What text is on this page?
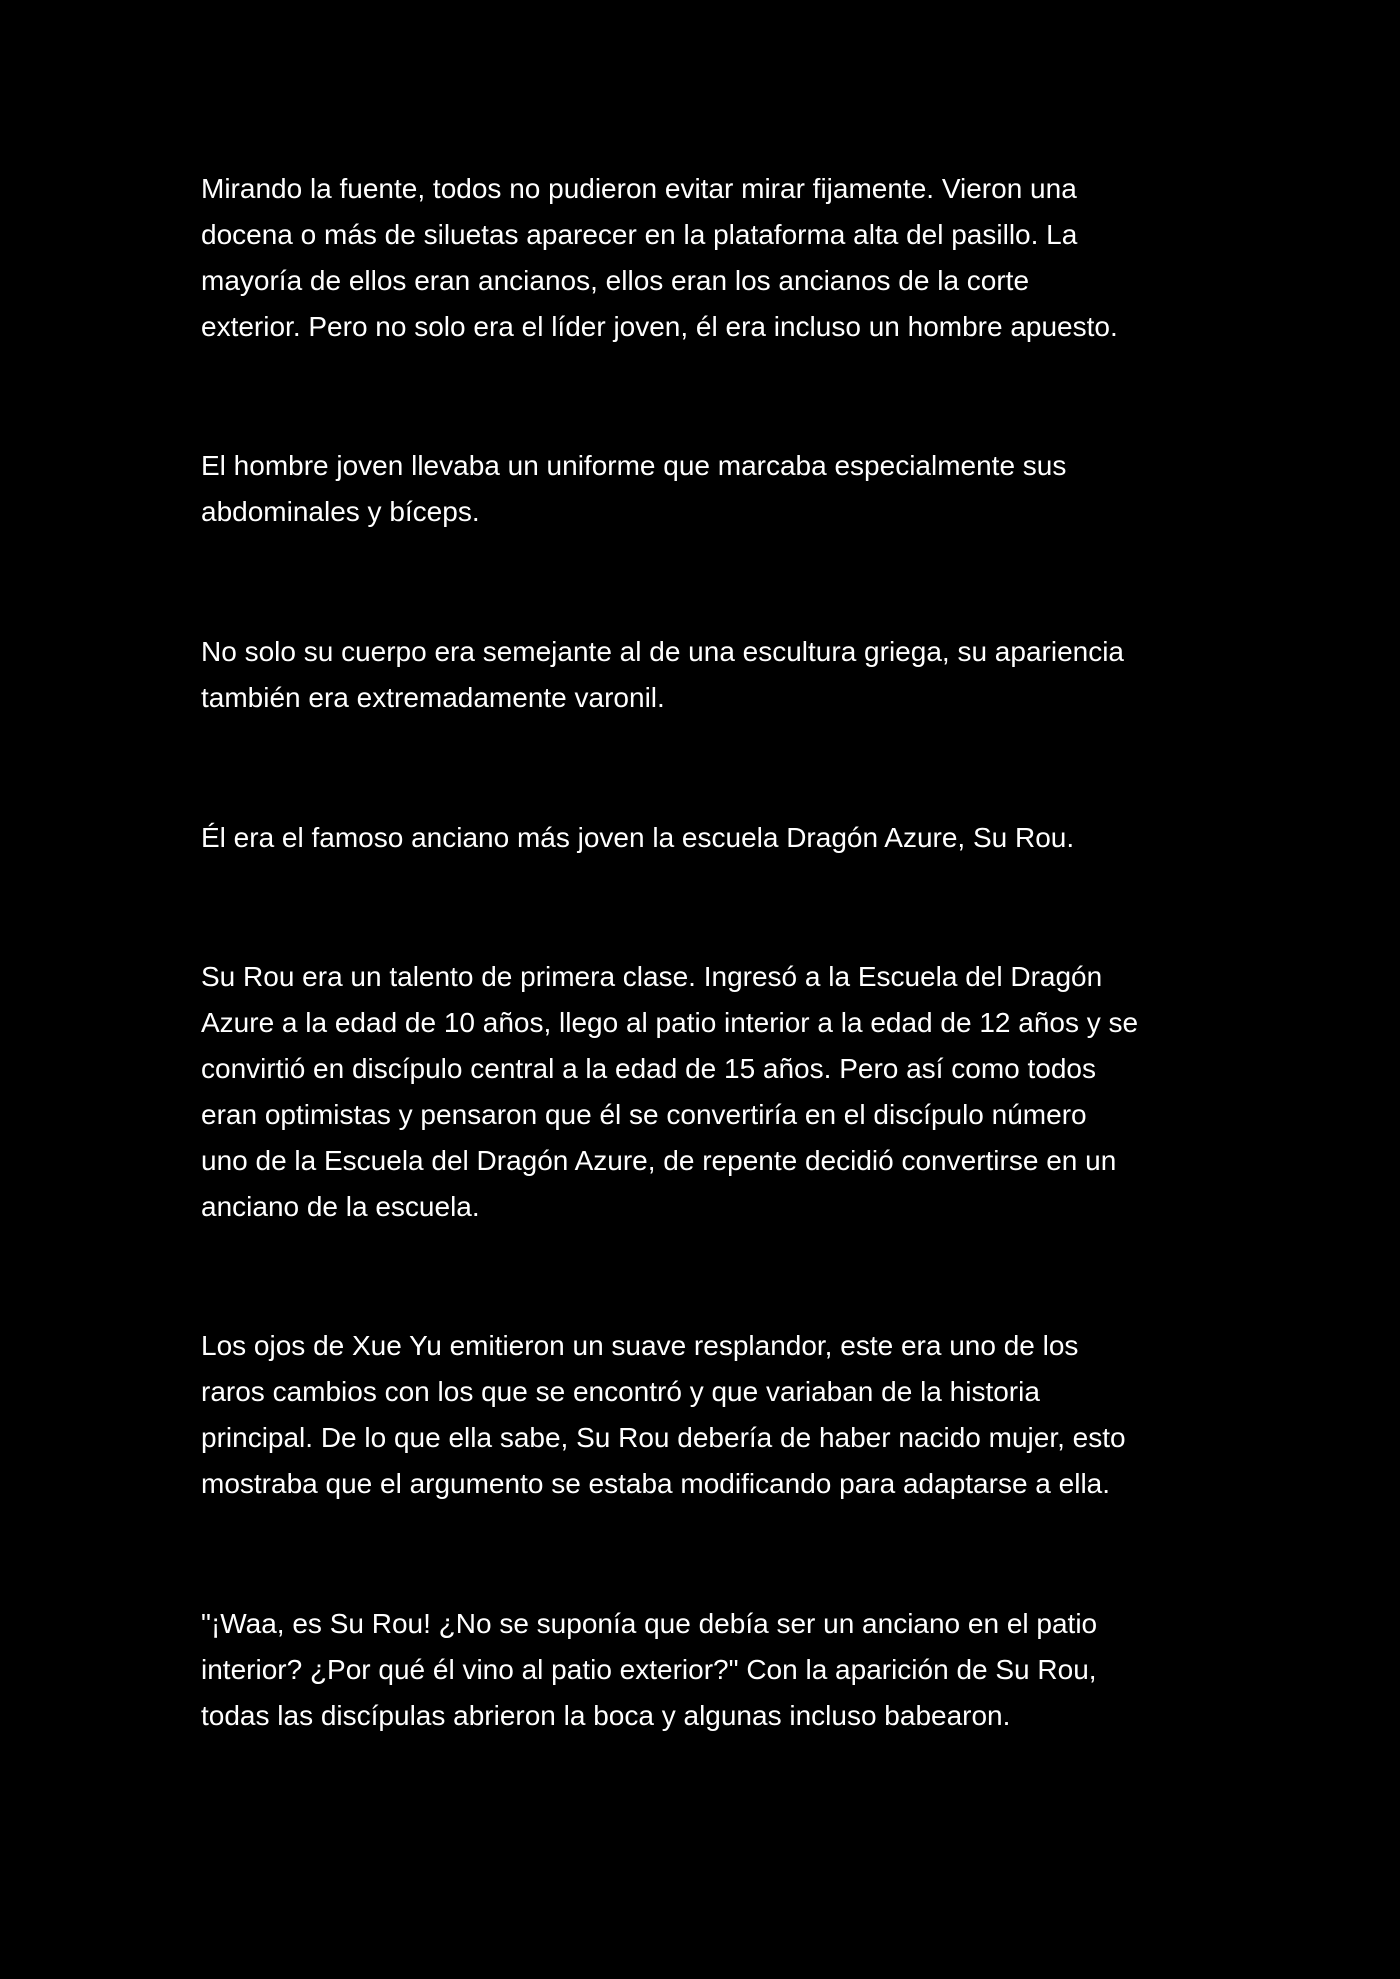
Mirando la fuente, todos no pudieron evitar mirar fijamente. Vieron una
docena o más de siluetas aparecer en la plataforma alta del pasillo. La
mayoría de ellos eran ancianos, ellos eran los ancianos de la corte
exterior. Pero no solo era el líder joven, él era incluso un hombre apuesto.

El hombre joven llevaba un uniforme que marcaba especialmente sus
abdominales y bíceps.

No solo su cuerpo era semejante al de una escultura griega, su apariencia
también era extremadamente varonil.

Él era el famoso anciano más joven la escuela Dragón Azure, Su Rou.

Su Rou era un talento de primera clase. Ingresó a la Escuela del Dragón
Azure a la edad de 10 años, llego al patio interior a la edad de 12 años y se
convirtió en discípulo central a la edad de 15 años. Pero así como todos
eran optimistas y pensaron que él se convertiría en el discípulo número
uno de la Escuela del Dragón Azure, de repente decidió convertirse en un
anciano de la escuela.

Los ojos de Xue Yu emitieron un suave resplandor, este era uno de los
raros cambios con los que se encontró y que variaban de la historia
principal. De lo que ella sabe, Su Rou debería de haber nacido mujer, esto
mostraba que el argumento se estaba modificando para adaptarse a ella.

"¡Waa, es Su Rou! ¿No se suponía que debía ser un anciano en el patio
interior? ¿Por qué él vino al patio exterior?" Con la aparición de Su Rou,
todas las discípulas abrieron la boca y algunas incluso babearon.
